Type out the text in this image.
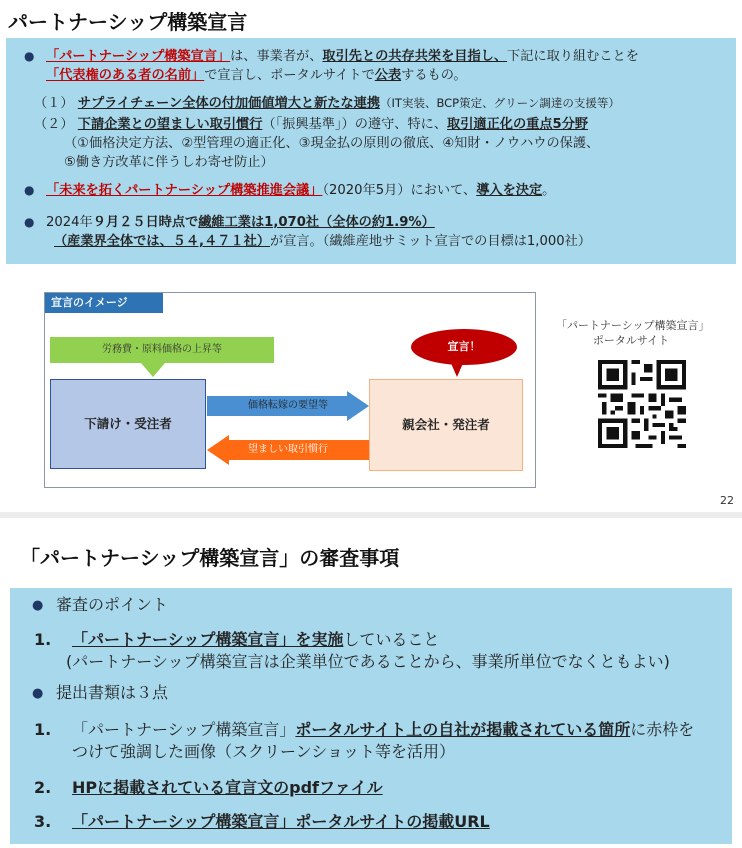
パートナーシップ構築宣言
● 「パートナーシップ構築宣言」は、事業者が、取引先との共存共栄を目指し、下記に取り組むことを
「代表権のある者の名前」で宣言し、ポータルサイトで公表するもの。
（１） サプライチェーン全体の付加価値増大と新たな連携（IT実装、BCP策定、グリーン調達の支援等）
（２） 下請企業との望ましい取引慣行（「振興基準」）の遵守、特に、取引適正化の重点5分野
（①価格決定方法、②型管理の適正化、③現金払の原則の徹底、④知財・ノウハウの保護、
⑤働き方改革に伴うしわ寄せ防止）
● 「未来を拓くパートナーシップ構築推進会議」（2020年5月）において、導入を決定。
● 2024年９月２５日時点で繊維工業は1,070社（全体の約1.9%）
（産業界全体では、５４,４７１社）が宣言。（繊維産地サミット宣言での目標は1,000社）
宣言のイメージ
労務費・原料価格の上昇等
下請け・受注者	親会社・発注者
宣言！
価格転嫁の要望等
望ましい取引慣行
「パートナーシップ構築宣言」
ポータルサイト
22
「パートナーシップ構築宣言」の審査事項
● 審査のポイント
1. 「パートナーシップ構築宣言」を実施していること
(パートナーシップ構築宣言は企業単位であることから、事業所単位でなくともよい)
● 提出書類は３点
1. 「パートナーシップ構築宣言」ポータルサイト上の自社が掲載されている箇所に赤枠を
つけて強調した画像（スクリーンショット等を活用）
2. HPに掲載されている宣言文のpdfファイル
3. 「パートナーシップ構築宣言」ポータルサイトの掲載URL
